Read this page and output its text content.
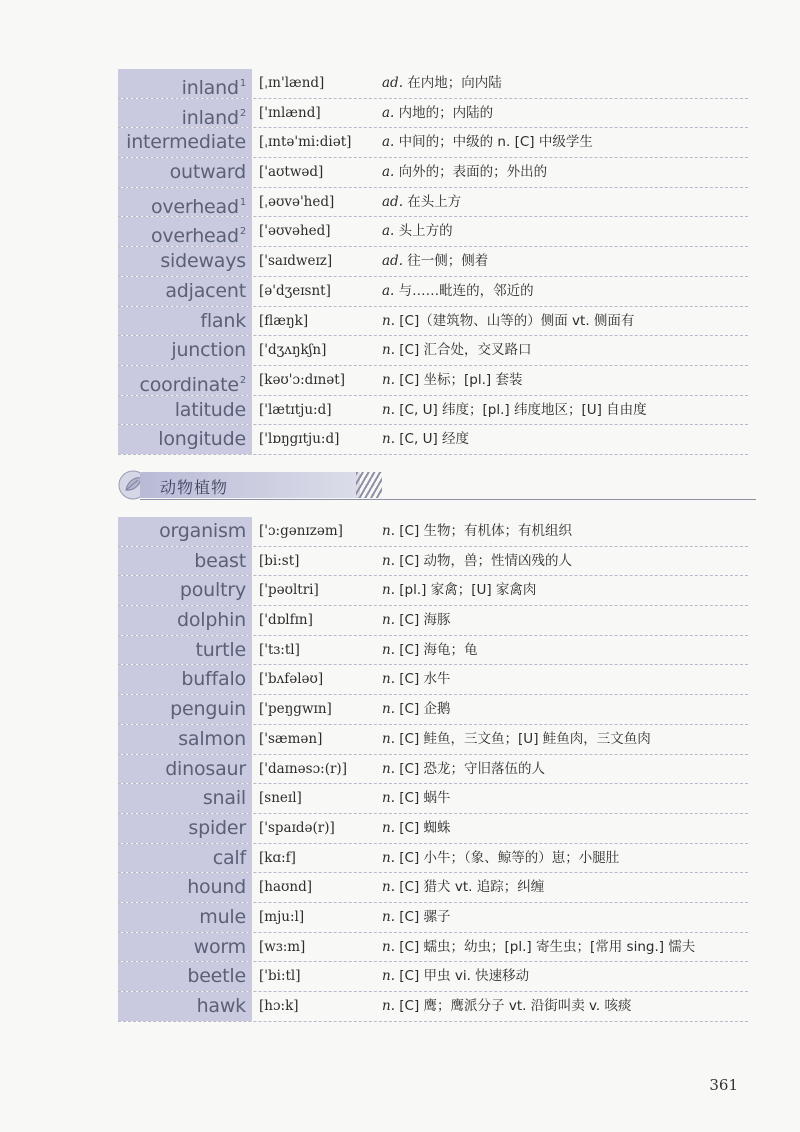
inland$^1$ [ˌɪn'lænd]	ad. 在内地；向内陆
inland$^2$ ['ɪnlænd]	a. 内地的；内陆的
intermediate [ˌɪntə'mi:diət]	a. 中间的；中级的 n. [C] 中级学生
outward ['aʊtwəd]	a. 向外的；表面的；外出的
overhead$^1$ [ˌəʊvə'hed]	ad. 在头上方
overhead$^2$ ['əʊvəhed]	a. 头上方的
sideways ['saɪdweɪz]	ad. 往一侧；侧着
adjacent [ə'dʒeɪsnt]	a. 与……毗连的，邻近的
flank [flæŋk]	n. [C]（建筑物、山等的）侧面 vt. 侧面有
junction ['dʒʌŋkʃn]	n. [C] 汇合处，交叉路口
coordinate$^2$ [kəʊ'ɔ:dɪnət]	n. [C] 坐标；[pl.] 套装
latitude ['lætɪtju:d]	n. [C, U] 纬度；[pl.] 纬度地区；[U] 自由度
longitude ['lɒŋgɪtju:d]	n. [C, U] 经度
动物植物
organism ['ɔ:gənɪzəm]	n. [C] 生物；有机体；有机组织
beast [bi:st]	n. [C] 动物，兽；性情凶残的人
poultry ['pəʊltri]	n. [pl.] 家禽；[U] 家禽肉
dolphin ['dɒlfɪn]	n. [C] 海豚
turtle ['tɜ:tl]	n. [C] 海龟；龟
buffalo ['bʌfələʊ]	n. [C] 水牛
penguin ['peŋgwɪn]	n. [C] 企鹅
salmon ['sæmən]	n. [C] 鲑鱼，三文鱼；[U] 鲑鱼肉，三文鱼肉
dinosaur ['daɪnəsɔ:(r)]	n. [C] 恐龙；守旧落伍的人
snail [sneɪl]	n. [C] 蜗牛
spider ['spaɪdə(r)]	n. [C] 蜘蛛
calf [kɑ:f]	n. [C] 小牛；（象、鲸等的）崽；小腿肚
hound [haʊnd]	n. [C] 猎犬 vt. 追踪；纠缠
mule [mju:l]	n. [C] 骡子
worm [wɜ:m]	n. [C] 蠕虫；幼虫；[pl.] 寄生虫；[常用 sing.] 懦夫
beetle ['bi:tl]	n. [C] 甲虫 vi. 快速移动
hawk [hɔ:k]	n. [C] 鹰；鹰派分子 vt. 沿街叫卖 v. 咳痰
361
